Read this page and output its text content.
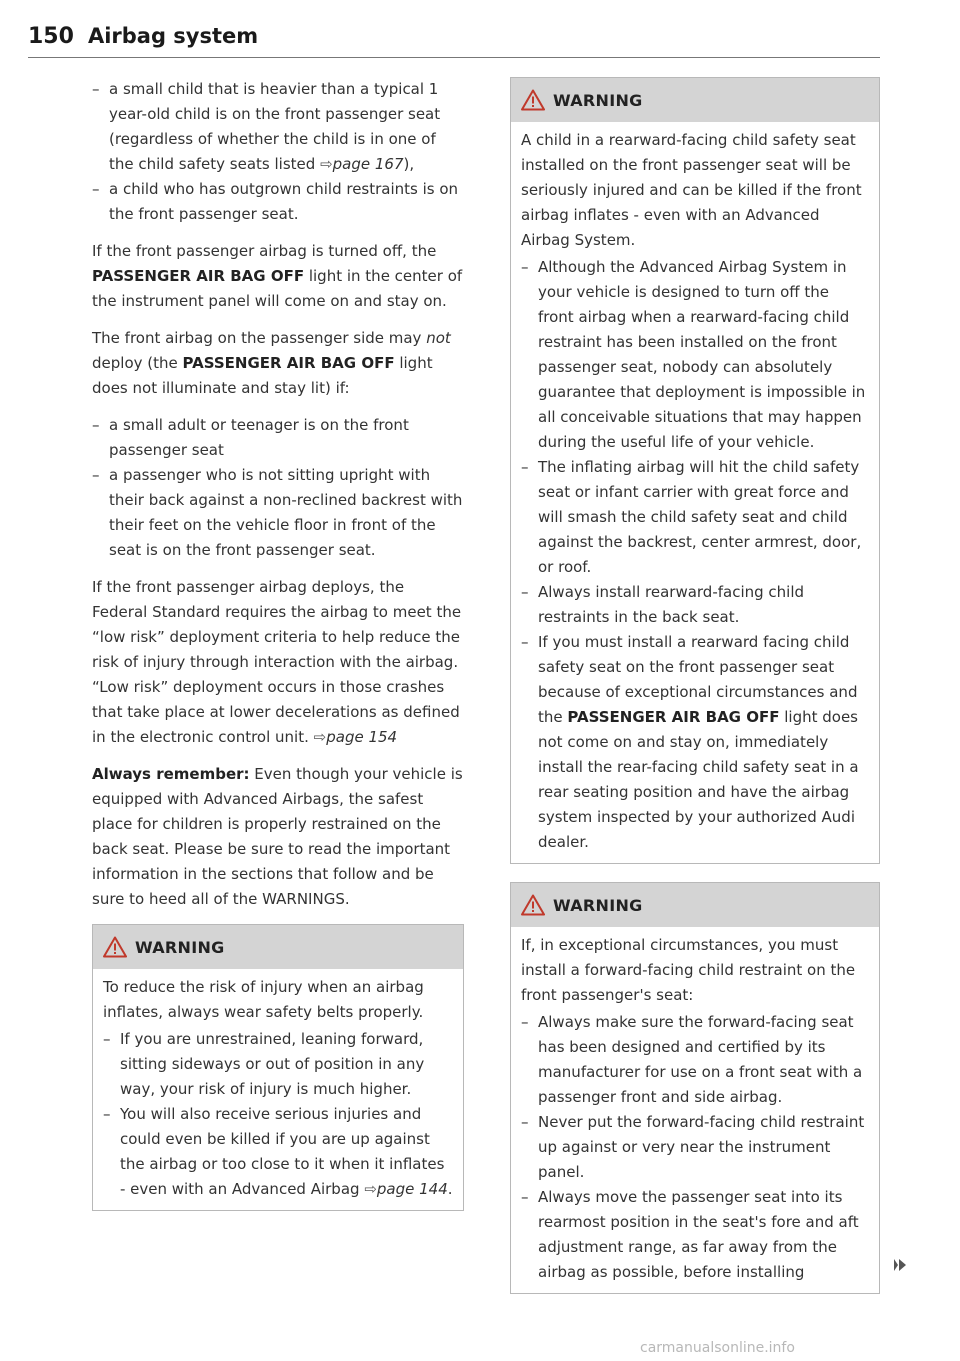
150 Airbag system
– a small child that is heavier than a typical 1 year-old child is on the front passenger seat (regardless of whether the child is in one of the child safety seats listed ⇨page 167),
– a child who has outgrown child restraints is on the front passenger seat.

If the front passenger airbag is turned off, the PASSENGER AIR BAG OFF light in the center of the instrument panel will come on and stay on.

The front airbag on the passenger side may not deploy (the PASSENGER AIR BAG OFF light does not illuminate and stay lit) if:

– a small adult or teenager is on the front passenger seat
– a passenger who is not sitting upright with their back against a non-reclined backrest with their feet on the vehicle floor in front of the seat is on the front passenger seat.

If the front passenger airbag deploys, the Federal Standard requires the airbag to meet the “low risk” deployment criteria to help reduce the risk of injury through interaction with the airbag. “Low risk” deployment occurs in those crashes that take place at lower decelerations as defined in the electronic control unit. ⇨page 154

Always remember: Even though your vehicle is equipped with Advanced Airbags, the safest place for children is properly restrained on the back seat. Please be sure to read the important information in the sections that follow and be sure to heed all of the WARNINGS.

WARNING

To reduce the risk of injury when an airbag inflates, always wear safety belts properly.

– If you are unrestrained, leaning forward, sitting sideways or out of position in any way, your risk of injury is much higher.
– You will also receive serious injuries and could even be killed if you are up against the airbag or too close to it when it inflates - even with an Advanced Airbag ⇨page 144.
WARNING

A child in a rearward-facing child safety seat installed on the front passenger seat will be seriously injured and can be killed if the front airbag inflates - even with an Advanced Airbag System.

– Although the Advanced Airbag System in your vehicle is designed to turn off the front airbag when a rearward-facing child restraint has been installed on the front passenger seat, nobody can absolutely guarantee that deployment is impossible in all conceivable situations that may happen during the useful life of your vehicle.
– The inflating airbag will hit the child safety seat or infant carrier with great force and will smash the child safety seat and child against the backrest, center armrest, door, or roof.
– Always install rearward-facing child restraints in the back seat.
– If you must install a rearward facing child safety seat on the front passenger seat because of exceptional circumstances and the PASSENGER AIR BAG OFF light does not come on and stay on, immediately install the rear-facing child safety seat in a rear seating position and have the airbag system inspected by your authorized Audi dealer.
WARNING

If, in exceptional circumstances, you must install a forward-facing child restraint on the front passenger's seat:

– Always make sure the forward-facing seat has been designed and certified by its manufacturer for use on a front seat with a passenger front and side airbag.
– Never put the forward-facing child restraint up against or very near the instrument panel.
– Always move the passenger seat into its rearmost position in the seat's fore and aft adjustment range, as far away from the airbag as possible, before installing
carmanualsonline.info
